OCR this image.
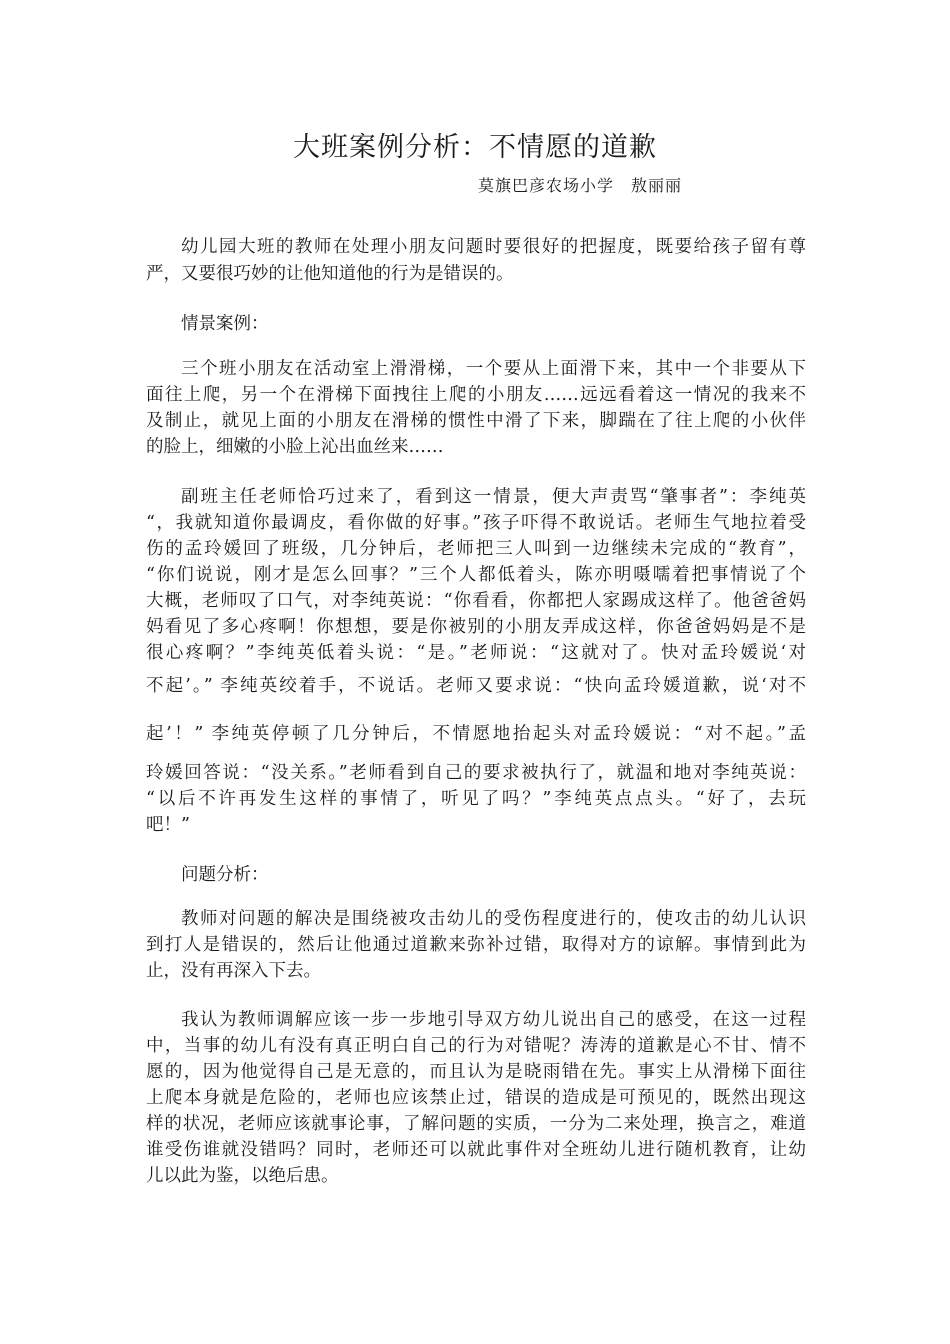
大班案例分析：不情愿的道歉
莫旗巴彦农场小学　敖丽丽
幼儿园大班的教师在处理小朋友问题时要很好的把握度，既要给孩子留有尊
严，又要很巧妙的让他知道他的行为是错误的。
情景案例：
三个班小朋友在活动室上滑滑梯，一个要从上面滑下来，其中一个非要从下
面往上爬，另一个在滑梯下面拽往上爬的小朋友……远远看着这一情况的我来不
及制止，就见上面的小朋友在滑梯的惯性中滑了下来，脚踹在了往上爬的小伙伴
的脸上，细嫩的小脸上沁出血丝来……
副班主任老师恰巧过来了，看到这一情景，便大声责骂“肇事者”：李纯英
“，我就知道你最调皮，看你做的好事。”孩子吓得不敢说话。老师生气地拉着受
伤的孟玲媛回了班级，几分钟后，老师把三人叫到一边继续未完成的“教育”，
“你们说说，刚才是怎么回事？”三个人都低着头，陈亦明嗫嚅着把事情说了个
大概，老师叹了口气，对李纯英说：“你看看，你都把人家踢成这样了。他爸爸妈
妈看见了多心疼啊！你想想，要是你被别的小朋友弄成这样，你爸爸妈妈是不是
很心疼啊？”李纯英低着头说：“是。”老师说：“这就对了。快对孟玲媛说‘对
不起’。” 李纯英绞着手，不说话。老师又要求说：“快向孟玲媛道歉，说‘对不
起’！” 李纯英停顿了几分钟后，不情愿地抬起头对孟玲媛说：“对不起。”孟
玲媛回答说：“没关系。”老师看到自己的要求被执行了，就温和地对李纯英说：
“以后不许再发生这样的事情了，听见了吗？”李纯英点点头。“好了，去玩
吧！”
问题分析：
教师对问题的解决是围绕被攻击幼儿的受伤程度进行的，使攻击的幼儿认识
到打人是错误的，然后让他通过道歉来弥补过错，取得对方的谅解。事情到此为
止，没有再深入下去。
我认为教师调解应该一步一步地引导双方幼儿说出自己的感受，在这一过程
中，当事的幼儿有没有真正明白自己的行为对错呢？涛涛的道歉是心不甘、情不
愿的，因为他觉得自己是无意的，而且认为是晓雨错在先。事实上从滑梯下面往
上爬本身就是危险的，老师也应该禁止过，错误的造成是可预见的，既然出现这
样的状况，老师应该就事论事，了解问题的实质，一分为二来处理，换言之，难道
谁受伤谁就没错吗？同时，老师还可以就此事件对全班幼儿进行随机教育，让幼
儿以此为鉴，以绝后患。
